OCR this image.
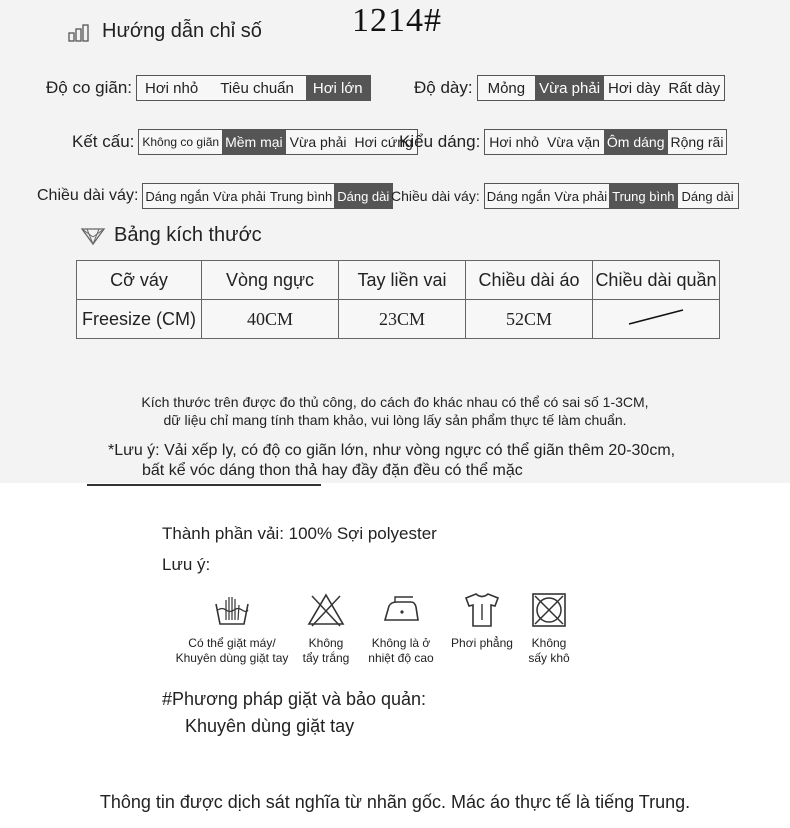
Hướng dẫn chỉ số	1214#
Độ co giãn: Hơi nhỏ	Tiêu chuẩn	Hơi lớn	Độ dày:	Mỏng Vừa phải Hơi dày Rất dày
Kết cấu: Không co giãn Mềm mại Vừa phải Hơi cứng
Kiểu dáng: Hơi nhỏ Vừa vặn Ôm dáng Rộng rãi
Chiều dài váy: Dáng ngắn Vừa phải Trung bình Dáng dài Chiều dài váy: Dáng ngắn Vừa phải Trung bình Dáng dài
Bảng kích thước
Cỡ váy	Vòng ngực	Tay liền vai	Chiều dài áo	Chiều dài quần
Freesize (CM)	40CM	23CM	52CM	
Kích thước trên được đo thủ công, do cách đo khác nhau có thể có sai số 1-3CM,
dữ liệu chỉ mang tính tham khảo, vui lòng lấy sản phẩm thực tế làm chuẩn.
*Lưu ý: Vải xếp ly, có độ co giãn lớn, như vòng ngực có thể giãn thêm 20-30cm,
bất kể vóc dáng thon thả hay đầy đặn đều có thể mặc
Thành phần vải: 100% Sợi polyester
Lưu ý:
Có thể giặt máy/
Khuyên dùng giặt tay
Không
tẩy trắng
Không là ở
nhiệt độ cao
Phơi phẳng Không
sấy khô
#Phương pháp giặt và bảo quản:
Khuyên dùng giặt tay
Thông tin được dịch sát nghĩa từ nhãn gốc. Mác áo thực tế là tiếng Trung.
